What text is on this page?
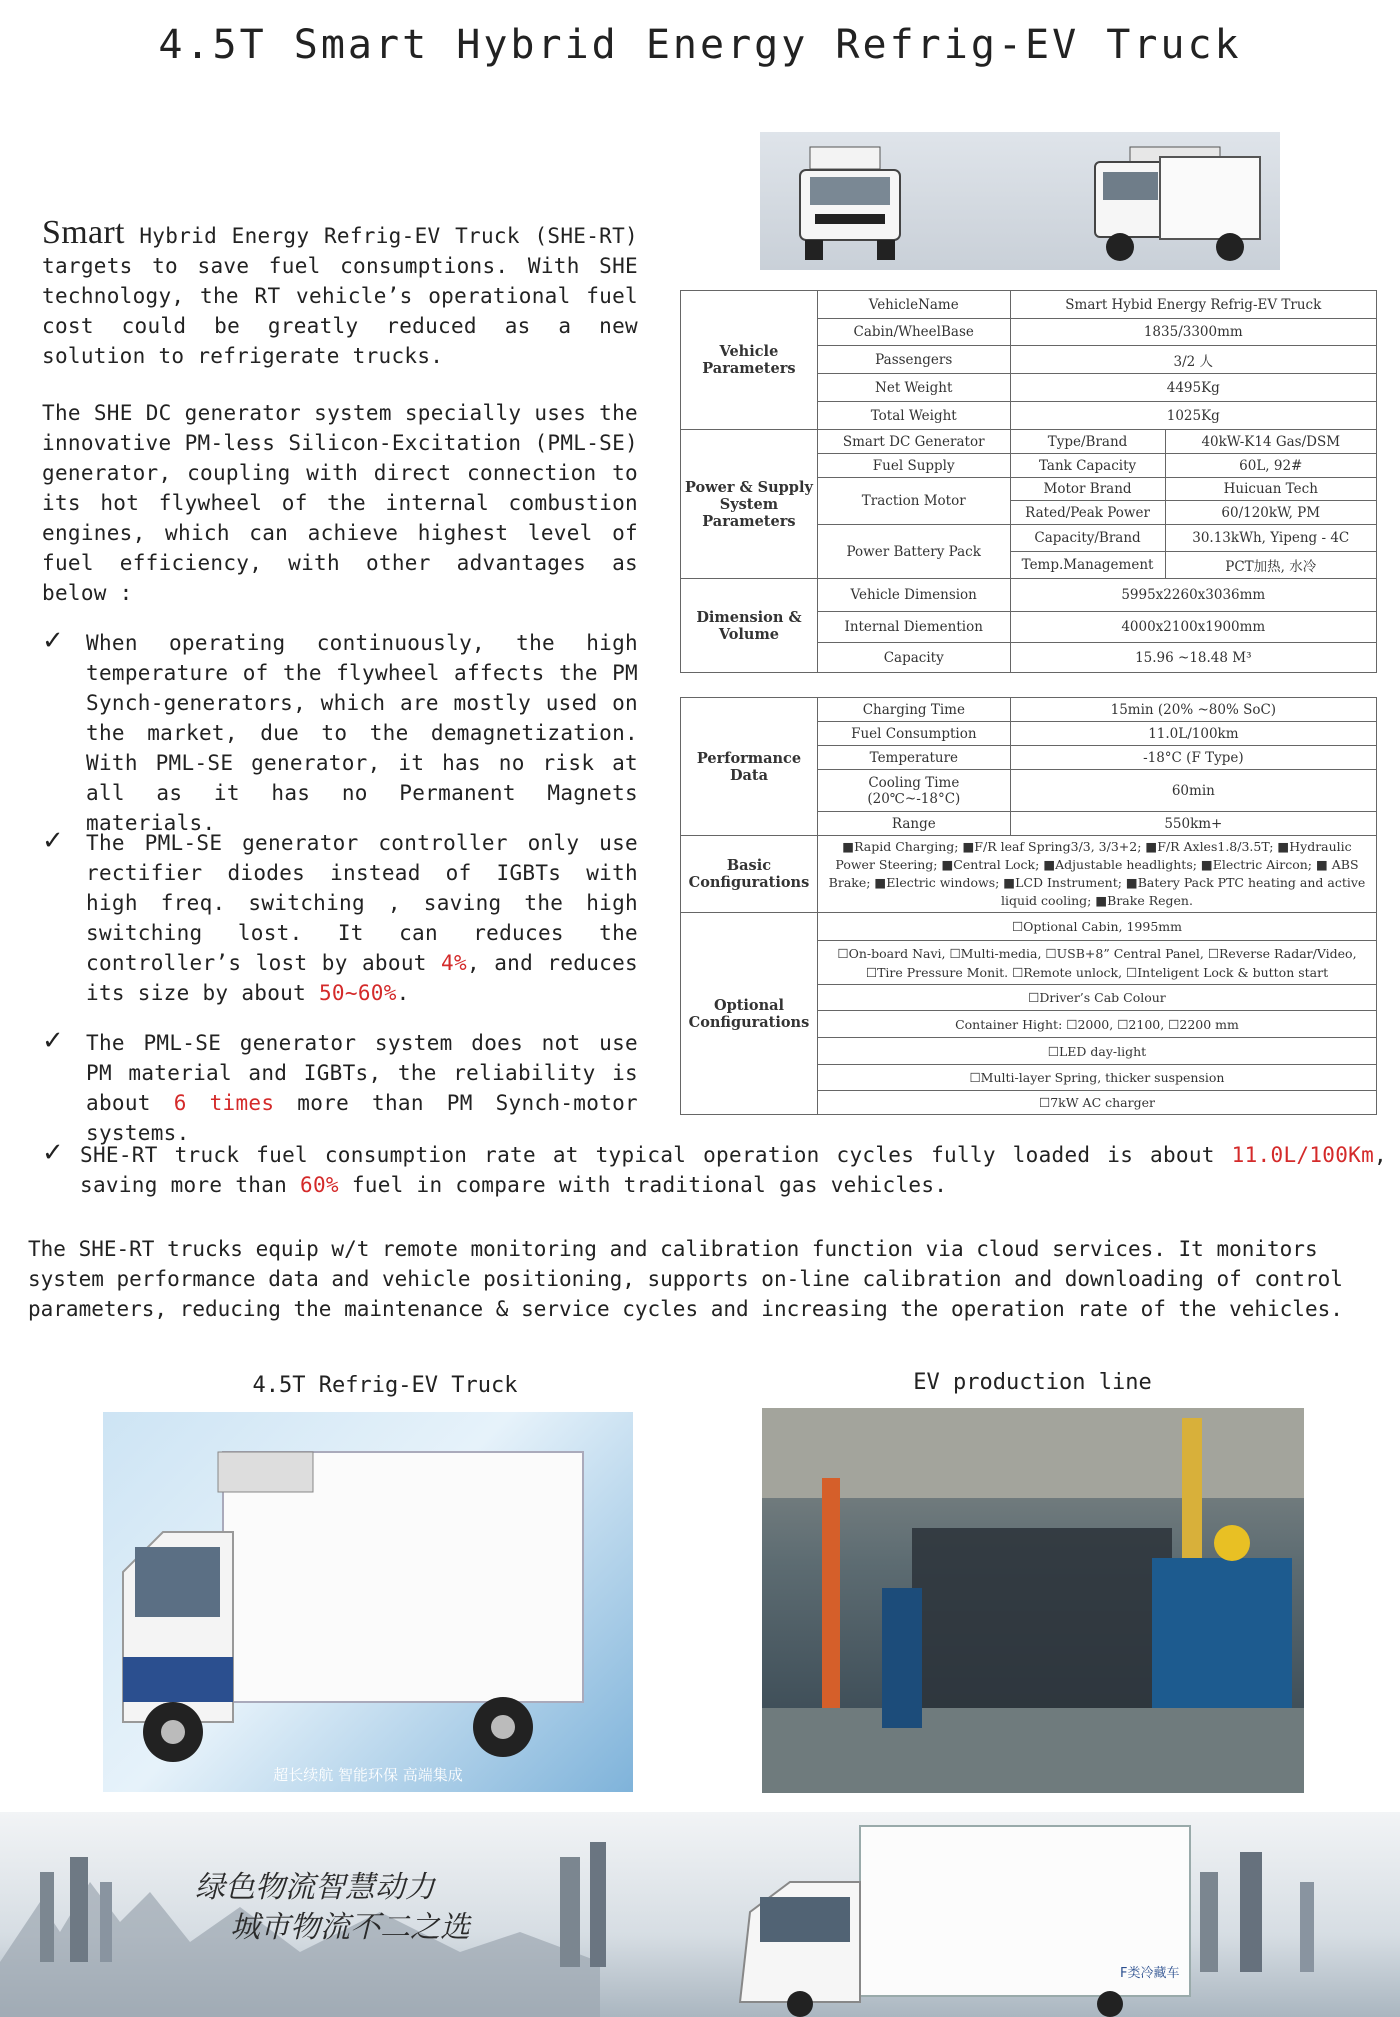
4.5T Smart Hybrid Energy Refrig-EV Truck
Smart Hybrid Energy Refrig-EV Truck (SHE-RT) targets to save fuel consumptions. With SHE technology, the RT vehicle’s operational fuel cost could be greatly reduced as a new solution to refrigerate trucks.
The SHE DC generator system specially uses the innovative PM-less Silicon-Excitation (PML-SE) generator, coupling with direct connection to its hot flywheel of the internal combustion engines, which can achieve highest level of fuel efficiency, with other advantages as below :
✓ When operating continuously, the high temperature of the flywheel affects the PM Synch-generators, which are mostly used on the market, due to the demagnetization. With PML-SE generator, it has no risk at all as it has no Permanent Magnets materials.
✓ The PML-SE generator controller only use rectifier diodes instead of IGBTs with high freq. switching , saving the high switching lost. It can reduces the controller’s lost by about 4%, and reduces its size by about 50~60%.
✓ The PML-SE generator system does not use PM material and IGBTs, the reliability is about 6 times more than PM Synch-motor systems.
✓ SHE-RT truck fuel consumption rate at typical operation cycles fully loaded is about 11.0L/100Km, saving more than 60% fuel in compare with traditional gas vehicles.
The SHE-RT trucks equip w/t remote monitoring and calibration function via cloud services. It monitors system performance data and vehicle positioning, supports on-line calibration and downloading of control parameters, reducing the maintenance & service cycles and increasing the operation rate of the vehicles.
Vehicle Parameters	VehicleName	Smart Hybid Energy Refrig-EV Truck	
	Cabin/WheelBase	1835/3300mm	
	Passengers	3/2 人	
	Net Weight	4495Kg	
	Total Weight	1025Kg	
Power & Supply System Parameters	Smart DC Generator	Type/Brand	40kW-K14 Gas/DSM
	Fuel Supply	Tank Capacity	60L, 92#
	Traction Motor	Motor Brand	Huicuan Tech
		Rated/Peak Power	60/120kW, PM
	Power Battery Pack	Capacity/Brand	30.13kWh, Yipeng - 4C
		Temp.Management	PCT加热, 水冷

Dimension & Volume	Vehicle Dimension	5995x2260x3036mm	
	Internal Diemention	4000x2100x1900mm	
	Capacity	15.96 ~18.48 M³	
Performance Data	Charging Time	15min (20% ~80% SoC)
	Fuel Consumption	11.0L/100km
	Temperature	-18°C (F Type)
	Cooling Time (20℃~-18°C)	60min
	Range	550km+
Basic Configurations	■Rapid Charging; ■F/R leaf Spring3/3, 3/3+2; ■F/R Axles1.8/3.5T; ■Hydraulic Power Steering; ■Central Lock; ■Adjustable headlights; ■Electric Aircon; ■ ABS Brake; ■Electric windows; ■LCD Instrument; ■Batery Pack PTC heating and active liquid cooling; ■Brake Regen.	
Optional Configurations	☐Optional Cabin, 1995mm	
	☐On-board Navi, ☐Multi-media, ☐USB+8” Central Panel, ☐Reverse Radar/Video, ☐Tire Pressure Monit. ☐Remote unlock, ☐Inteligent Lock & button start	
	☐Driver’s Cab Colour	
	Container Hight: ☐2000, ☐2100, ☐2200 mm	
	☐LED day-light	
	☐Multi-layer Spring, thicker suspension	
	☐7kW AC charger	
4.5T Refrig-EV Truck	EV production line
超长续航 智能环保 高端集成
F类冷藏车
绿色物流智慧动力
城市物流不二之选
